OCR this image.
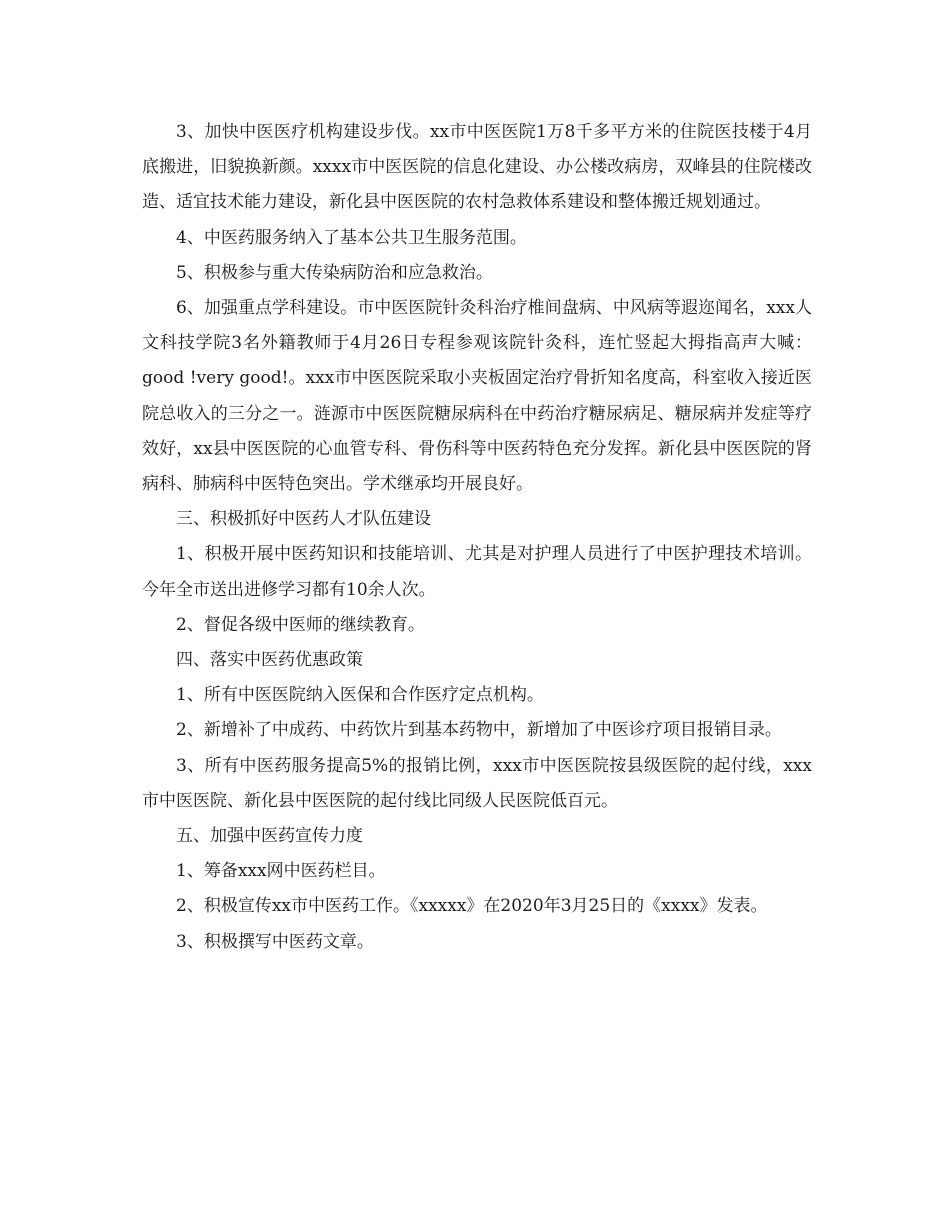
3、加快中医医疗机构建设步伐。xx市中医医院1万8千多平方米的住院医技楼于4月底搬进，旧貌换新颜。xxxx市中医医院的信息化建设、办公楼改病房，双峰县的住院楼改造、适宜技术能力建设，新化县中医医院的农村急救体系建设和整体搬迁规划通过。

4、中医药服务纳入了基本公共卫生服务范围。

5、积极参与重大传染病防治和应急救治。

6、加强重点学科建设。市中医医院针灸科治疗椎间盘病、中风病等遐迩闻名，xxx人文科技学院3名外籍教师于4月26日专程参观该院针灸科，连忙竖起大拇指高声大喊：good !very good!。xxx市中医医院采取小夹板固定治疗骨折知名度高，科室收入接近医院总收入的三分之一。涟源市中医医院糖尿病科在中药治疗糖尿病足、糖尿病并发症等疗效好，xx县中医医院的心血管专科、骨伤科等中医药特色充分发挥。新化县中医医院的肾病科、肺病科中医特色突出。学术继承均开展良好。

三、积极抓好中医药人才队伍建设

1、积极开展中医药知识和技能培训、尤其是对护理人员进行了中医护理技术培训。今年全市送出进修学习都有10余人次。

2、督促各级中医师的继续教育。

四、落实中医药优惠政策

1、所有中医医院纳入医保和合作医疗定点机构。

2、新增补了中成药、中药饮片到基本药物中，新增加了中医诊疗项目报销目录。

3、所有中医药服务提高5%的报销比例，xxx市中医医院按县级医院的起付线，xxx市中医医院、新化县中医医院的起付线比同级人民医院低百元。

五、加强中医药宣传力度

1、筹备xxx网中医药栏目。

2、积极宣传xx市中医药工作。《xxxxx》在2020年3月25日的《xxxx》发表。

3、积极撰写中医药文章。
